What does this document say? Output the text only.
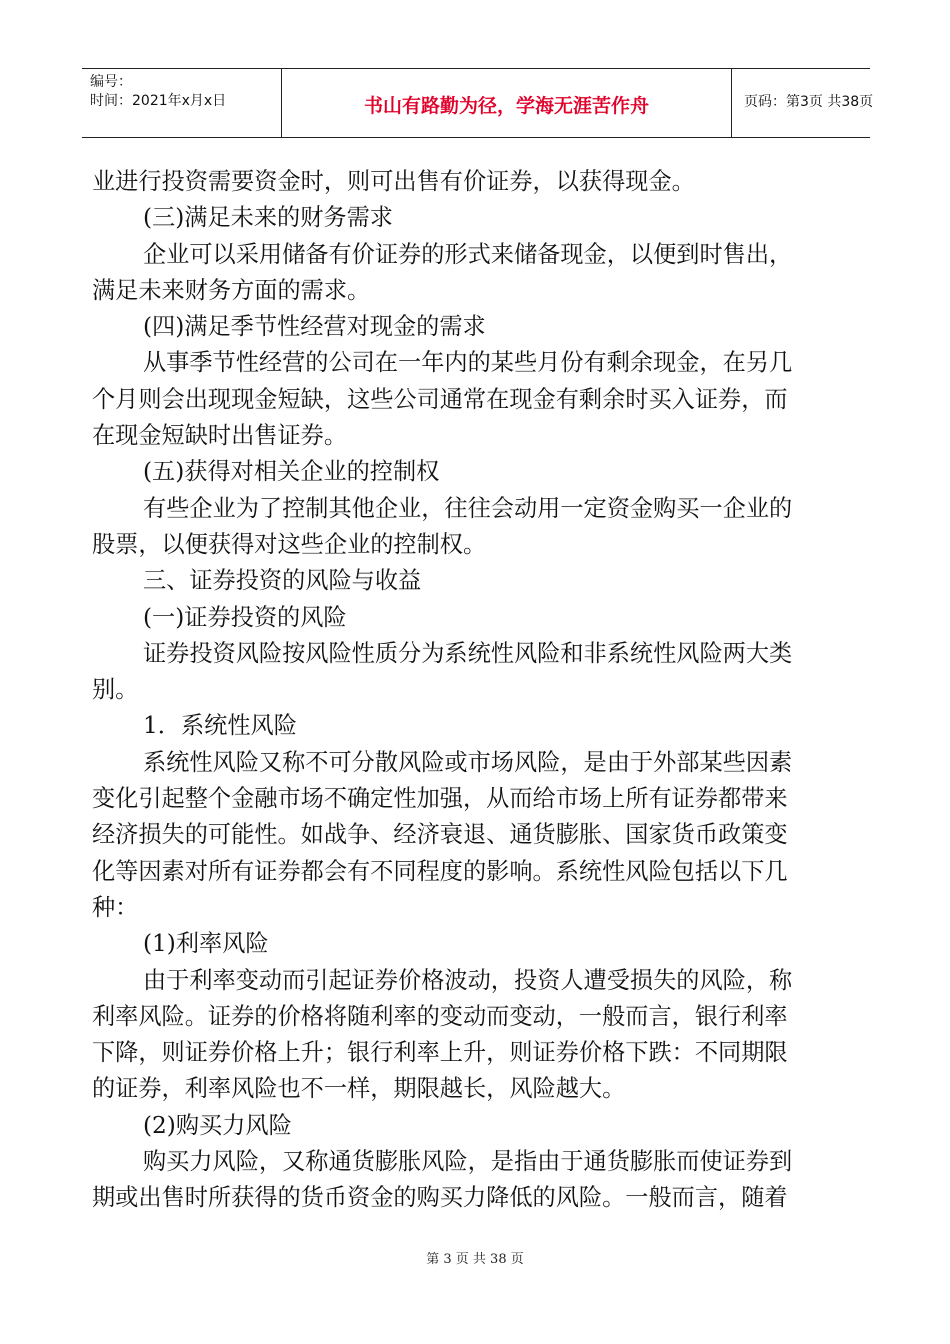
编号：
时间：2021年x月x日	书山有路勤为径，学海无涯苦作舟	页码：第3页 共38页

业进行投资需要资金时，则可出售有价证券，以获得现金。

(三)满足未来的财务需求

企业可以采用储备有价证券的形式来储备现金，以便到时售出，

满足未来财务方面的需求。

(四)满足季节性经营对现金的需求

从事季节性经营的公司在一年内的某些月份有剩余现金，在另几

个月则会出现现金短缺，这些公司通常在现金有剩余时买入证券，而

在现金短缺时出售证券。

(五)获得对相关企业的控制权

有些企业为了控制其他企业，往往会动用一定资金购买一企业的

股票，以便获得对这些企业的控制权。

三、证券投资的风险与收益

(一)证券投资的风险

证券投资风险按风险性质分为系统性风险和非系统性风险两大类

别。

1．系统性风险

系统性风险又称不可分散风险或市场风险，是由于外部某些因素

变化引起整个金融市场不确定性加强，从而给市场上所有证券都带来

经济损失的可能性。如战争、经济衰退、通货膨胀、国家货币政策变

化等因素对所有证券都会有不同程度的影响。系统性风险包括以下几

种：

(1)利率风险

由于利率变动而引起证券价格波动，投资人遭受损失的风险，称

利率风险。证券的价格将随利率的变动而变动，一般而言，银行利率

下降，则证券价格上升；银行利率上升，则证券价格下跌：不同期限

的证券，利率风险也不一样，期限越长，风险越大。

(2)购买力风险

购买力风险，又称通货膨胀风险，是指由于通货膨胀而使证券到

期或出售时所获得的货币资金的购买力降低的风险。一般而言，随着

第 3 页 共 38 页
